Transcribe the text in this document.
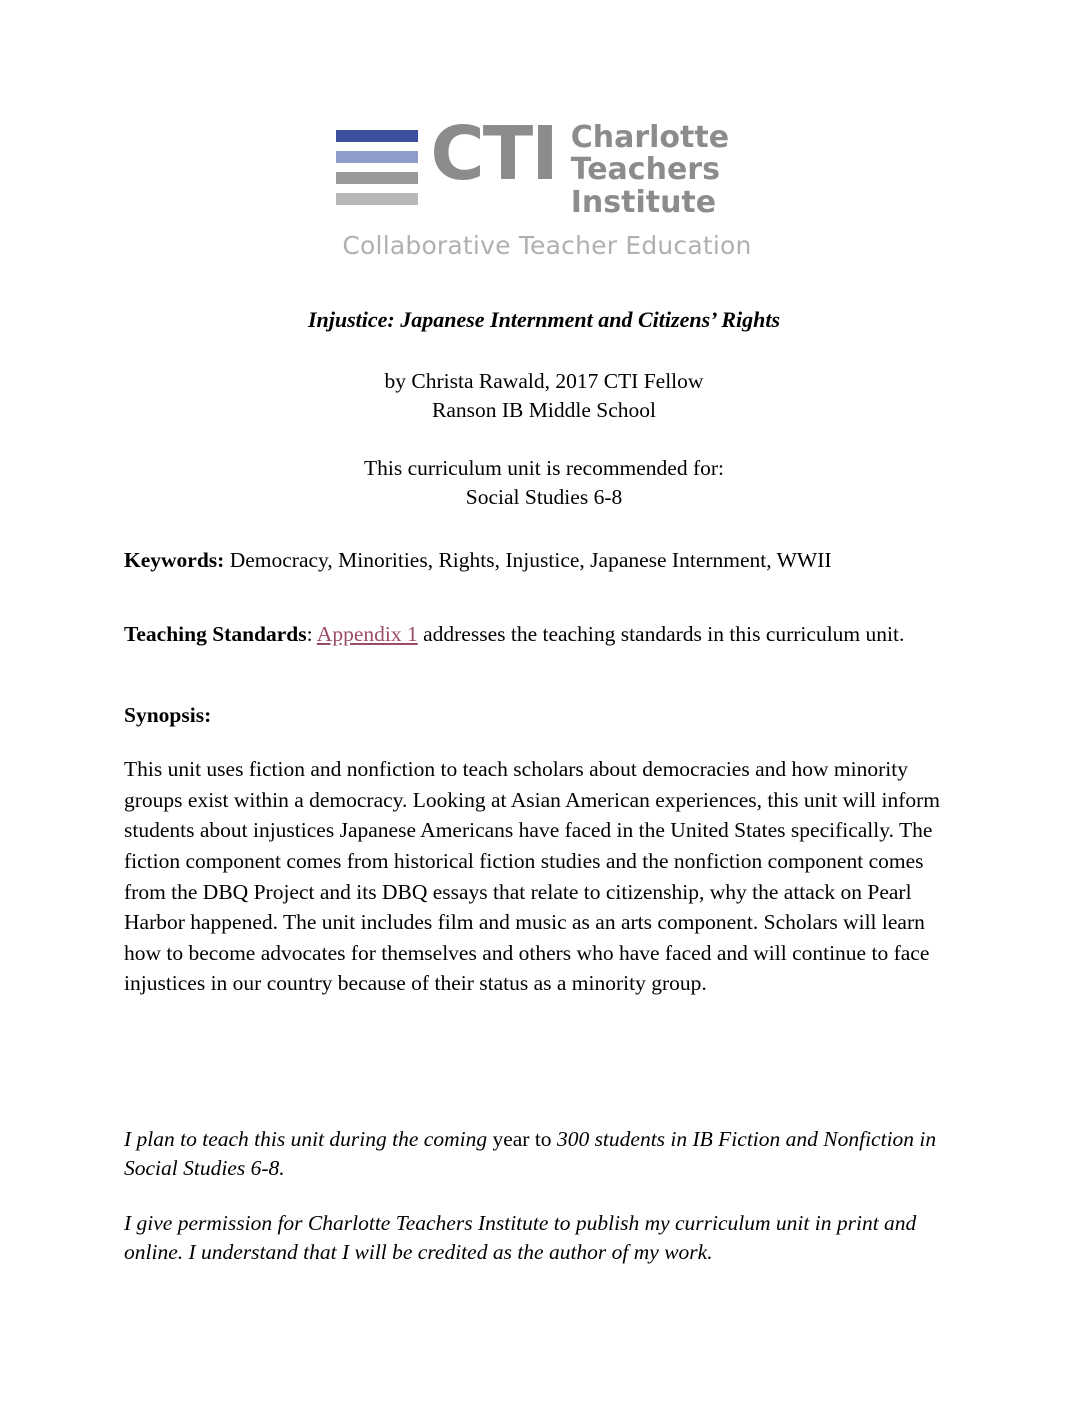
CTI Charlotte
Teachers
Institute
Collaborative Teacher Education
Injustice: Japanese Internment and Citizens’ Rights
by Christa Rawald, 2017 CTI Fellow
Ranson IB Middle School
This curriculum unit is recommended for:
Social Studies 6-8
Keywords: Democracy, Minorities, Rights, Injustice, Japanese Internment, WWII
Teaching Standards: Appendix 1 addresses the teaching standards in this curriculum unit.
Synopsis:
This unit uses fiction and nonfiction to teach scholars about democracies and how minority groups exist within a democracy. Looking at Asian American experiences, this unit will inform students about injustices Japanese Americans have faced in the United States specifically. The fiction component comes from historical fiction studies and the nonfiction component comes from the DBQ Project and its DBQ essays that relate to citizenship, why the attack on Pearl Harbor happened. The unit includes film and music as an arts component. Scholars will learn how to become advocates for themselves and others who have faced and will continue to face injustices in our country because of their status as a minority group.
I plan to teach this unit during the coming year to 300 students in IB Fiction and Nonfiction in Social Studies 6-8.
I give permission for Charlotte Teachers Institute to publish my curriculum unit in print and online. I understand that I will be credited as the author of my work.
